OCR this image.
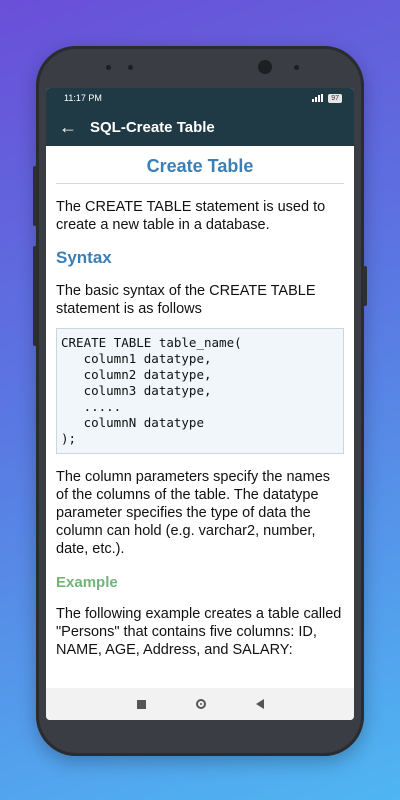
11:17 PM	97
← SQL-Create Table
Create Table

The CREATE TABLE statement is used to create a new table in a database.

Syntax

The basic syntax of the CREATE TABLE statement is as follows

CREATE TABLE table_name(
column1 datatype,
column2 datatype,
column3 datatype,
.....
columnN datatype
);

The column parameters specify the names of the columns of the table. The datatype parameter specifies the type of data the column can hold (e.g. varchar2, number, date, etc.).

Example

The following example creates a table called "Persons" that contains five columns: ID, NAME, AGE, Address, and SALARY:
